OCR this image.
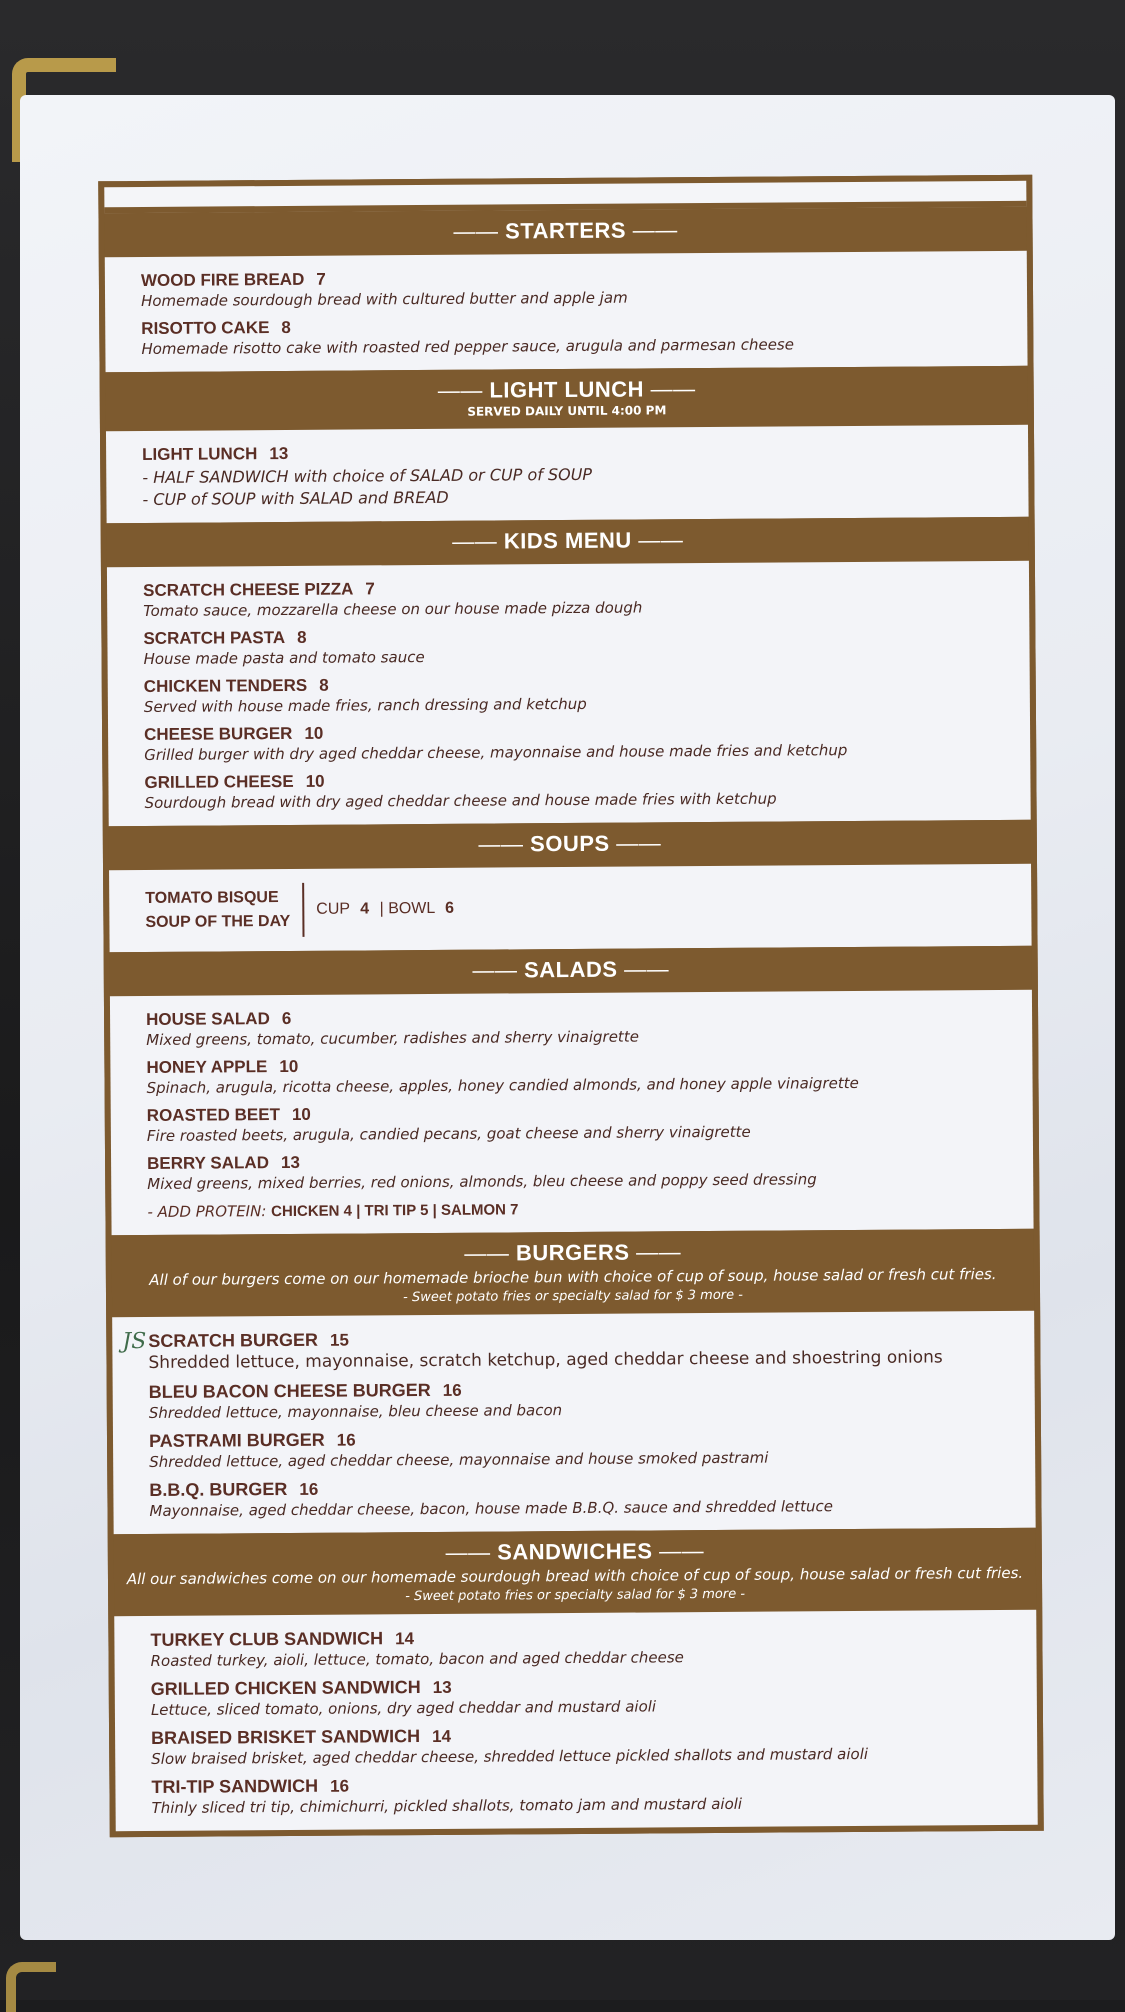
—— STARTERS ——
WOOD FIRE BREAD 7
Homemade sourdough bread with cultured butter and apple jam
RISOTTO CAKE 8
Homemade risotto cake with roasted red pepper sauce, arugula and parmesan cheese
—— LIGHT LUNCH ——
SERVED DAILY UNTIL 4:00 PM
LIGHT LUNCH 13
- HALF SANDWICH with choice of SALAD or CUP of SOUP
- CUP of SOUP with SALAD and BREAD
—— KIDS MENU ——
SCRATCH CHEESE PIZZA 7
Tomato sauce, mozzarella cheese on our house made pizza dough
SCRATCH PASTA 8
House made pasta and tomato sauce
CHICKEN TENDERS 8
Served with house made fries, ranch dressing and ketchup
CHEESE BURGER 10
Grilled burger with dry aged cheddar cheese, mayonnaise and house made fries and ketchup
GRILLED CHEESE 10
Sourdough bread with dry aged cheddar cheese and house made fries with ketchup
—— SOUPS ——
TOMATO BISQUE
SOUP OF THE DAY
CUP 4 | BOWL 6
—— SALADS ——
HOUSE SALAD 6
Mixed greens, tomato, cucumber, radishes and sherry vinaigrette
HONEY APPLE 10
Spinach, arugula, ricotta cheese, apples, honey candied almonds, and honey apple vinaigrette
ROASTED BEET 10
Fire roasted beets, arugula, candied pecans, goat cheese and sherry vinaigrette
BERRY SALAD 13
Mixed greens, mixed berries, red onions, almonds, bleu cheese and poppy seed dressing
- ADD PROTEIN: CHICKEN 4 | TRI TIP 5 | SALMON 7
—— BURGERS ——
All of our burgers come on our homemade brioche bun with choice of cup of soup, house salad or fresh cut fries.
- Sweet potato fries or specialty salad for $ 3 more -
JS SCRATCH BURGER 15
Shredded lettuce, mayonnaise, scratch ketchup, aged cheddar cheese and shoestring onions
BLEU BACON CHEESE BURGER 16
Shredded lettuce, mayonnaise, bleu cheese and bacon
PASTRAMI BURGER 16
Shredded lettuce, aged cheddar cheese, mayonnaise and house smoked pastrami
B.B.Q. BURGER 16
Mayonnaise, aged cheddar cheese, bacon, house made B.B.Q. sauce and shredded lettuce
—— SANDWICHES ——
All our sandwiches come on our homemade sourdough bread with choice of cup of soup, house salad or fresh cut fries.
- Sweet potato fries or specialty salad for $ 3 more -
TURKEY CLUB SANDWICH 14
Roasted turkey, aioli, lettuce, tomato, bacon and aged cheddar cheese
GRILLED CHICKEN SANDWICH 13
Lettuce, sliced tomato, onions, dry aged cheddar and mustard aioli
BRAISED BRISKET SANDWICH 14
Slow braised brisket, aged cheddar cheese, shredded lettuce pickled shallots and mustard aioli
TRI-TIP SANDWICH 16
Thinly sliced tri tip, chimichurri, pickled shallots, tomato jam and mustard aioli
